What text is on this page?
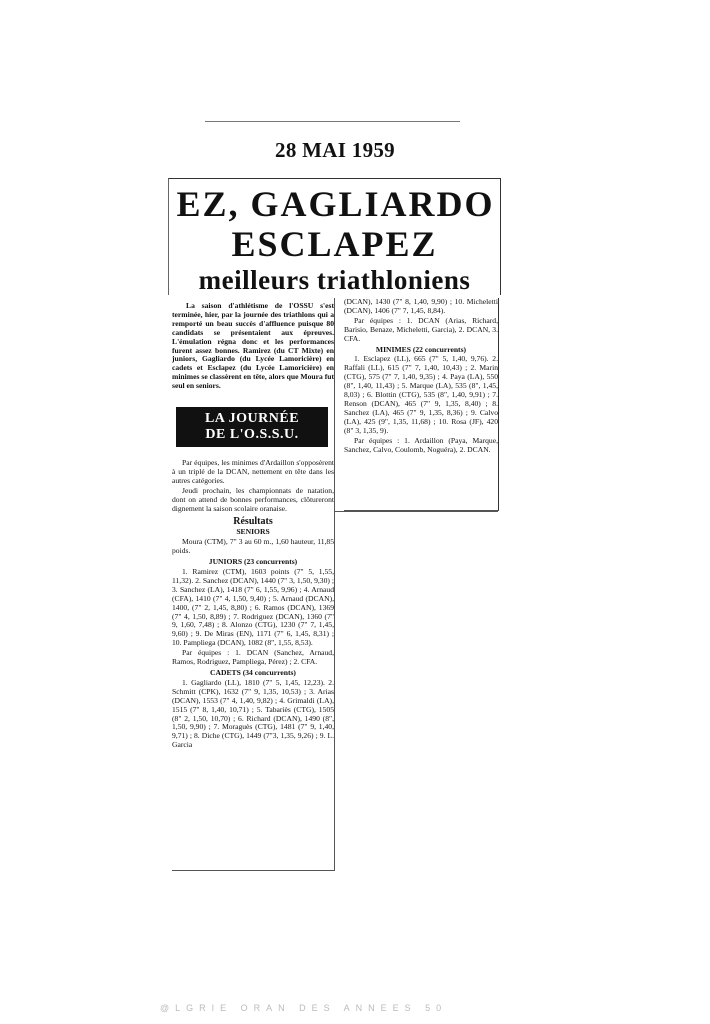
28 MAI 1959
EZ, GAGLIARDO
ESCLAPEZ
meilleurs triathloniens

La saison d'athlétisme de l'OSSU s'est terminée, hier, par la journée des triathlons qui a remporté un beau succès d'affluence puisque 80 candidats se présentaient aux épreuves. L'émulation régna donc et les performances furent assez bonnes. Ramirez (du CT Mixte) en juniors, Gagliardo (du Lycée Lamoricière) en cadets et Esclapez (du Lycée Lamoricière) en minimes se classèrent en tête, alors que Moura fut seul en seniors.

LA JOURNÉE
DE L'O.S.S.U.

Par équipes, les minimes d'Ardaillon s'opposèrent à un triplé de la DCAN, nettement en tête dans les autres catégories.

Jeudi prochain, les championnats de natation, dont on attend de bonnes performances, clôtureront dignement la saison scolaire oranaise.

Résultats
SENIORS

Moura (CTM), 7" 3 au 60 m., 1,60 hauteur, 11,85 poids.

JUNIORS (23 concurrents)

1. Ramirez (CTM), 1603 points (7" 5, 1,55, 11,32). 2. Sanchez (DCAN), 1440 (7" 3, 1,50, 9,30) ; 3. Sanchez (LA), 1418 (7" 6, 1,55, 9,96) ; 4. Arnaud (CFA), 1410 (7" 4, 1,50, 9,40) ; 5. Arnaud (DCAN), 1400, (7" 2, 1,45, 8,80) ; 6. Ramos (DCAN), 1369 (7" 4, 1,50, 8,89) ; 7. Rodriguez (DCAN), 1360 (7" 9, 1,60, 7,48) ; 8. Alonzo (CTG), 1230 (7" 7, 1,45, 9,60) ; 9. De Miras (EN), 1171 (7" 6, 1,45, 8,31) ; 10. Pampliega (DCAN), 1082 (8", 1,55, 8,53).

Par équipes : 1. DCAN (Sanchez, Arnaud, Ramos, Rodriguez, Pampliega, Pérez) ; 2. CFA.

CADETS (34 concurrents)

1. Gagliardo (LL), 1810 (7" 5, 1,45, 12,23). 2. Schmitt (CPK), 1632 (7" 9, 1,35, 10,53) ; 3. Arias (DCAN), 1553 (7" 4, 1,40, 9,82) ; 4. Grimaldi (LA), 1515 (7" 8, 1,40, 10,71) ; 5. Tabariès (CTG), 1505 (8" 2, 1,50, 10,70) ; 6. Richard (DCAN), 1490 (8", 1,50, 9,90) ; 7. Moraguès (CTG), 1481 (7" 9, 1,40, 9,71) ; 8. Diche (CTG), 1449 (7"3, 1,35, 9,26) ; 9. L. Garcia

(DCAN), 1430 (7" 8, 1,40, 9,90) ; 10. Micheletti (DCAN), 1406 (7" 7, 1,45, 8,84).

Par équipes : 1. DCAN (Arias, Richard, Barisio, Benaze, Micheletti, Garcia), 2. DCAN, 3. CFA.

MINIMES (22 concurrents)

1. Esclapez (LL), 665 (7" 5, 1,40, 9,76). 2. Raffali (LL), 615 (7" 7, 1,40, 10,43) ; 2. Marin (CTG), 575 (7" 7, 1,40, 9,35) ; 4. Paya (LA), 550 (8", 1,40, 11,43) ; 5. Marque (LA), 535 (8", 1,45, 8,03) ; 6. Blottin (CTG), 535 (8", 1,40, 9,91) ; 7. Renson (DCAN), 465 (7" 9, 1,35, 8,40) ; 8. Sanchez (LA), 465 (7" 9, 1,35, 8,36) ; 9. Calvo (LA), 425 (9", 1,35, 11,68) ; 10. Rosa (JF), 420 (8" 3, 1,35, 9).

Par équipes : 1. Ardaillon (Paya, Marque, Sanchez, Calvo, Coulomb, Noguéra), 2. DCAN.

@LGRIE ORAN DES ANNEES 50
